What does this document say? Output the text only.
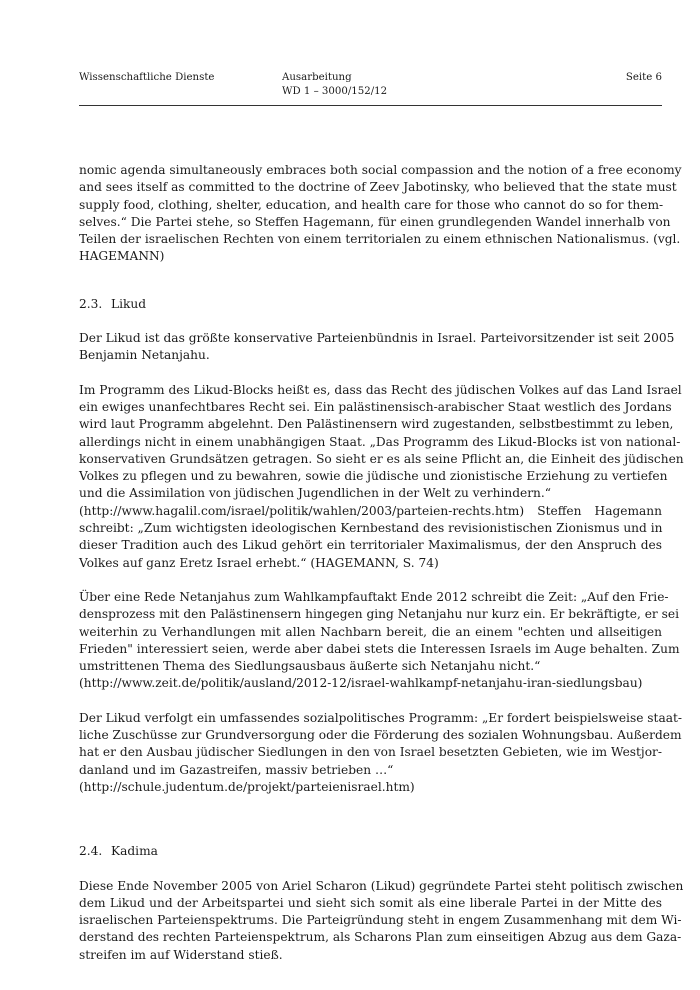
Wissenschaftliche Dienste	Ausarbeitung
WD 1 – 3000/152/12
Seite 6

nomic agenda simultaneously embraces both social compassion and the notion of a free economy
and sees itself as committed to the doctrine of Zeev Jabotinsky, who believed that the state must
supply food, clothing, shelter, education, and health care for those who cannot do so for them-
selves.“ Die Partei stehe, so Steffen Hagemann, für einen grundlegenden Wandel innerhalb von
Teilen der israelischen Rechten von einem territorialen zu einem ethnischen Nationalismus. (vgl.
HAGEMANN)

2.3. Likud

Der Likud ist das größte konservative Parteienbündnis in Israel. Parteivorsitzender ist seit 2005
Benjamin Netanjahu.

Im Programm des Likud-Blocks heißt es, dass das Recht des jüdischen Volkes auf das Land Israel
ein ewiges unanfechtbares Recht sei. Ein palästinensisch-arabischer Staat westlich des Jordans
wird laut Programm abgelehnt. Den Palästinensern wird zugestanden, selbstbestimmt zu leben,
allerdings nicht in einem unabhängigen Staat. „Das Programm des Likud-Blocks ist von national-
konservativen Grundsätzen getragen. So sieht er es als seine Pflicht an, die Einheit des jüdischen
Volkes zu pflegen und zu bewahren, sowie die jüdische und zionistische Erziehung zu vertiefen
und die Assimilation von jüdischen Jugendlichen in der Welt zu verhindern.“
(http://www.hagalil.com/israel/politik/wahlen/2003/parteien-rechts.htm) Steffen Hagemann
schreibt: „Zum wichtigsten ideologischen Kernbestand des revisionistischen Zionismus und in
dieser Tradition auch des Likud gehört ein territorialer Maximalismus, der den Anspruch des
Volkes auf ganz Eretz Israel erhebt.“ (HAGEMANN, S. 74)

Über eine Rede Netanjahus zum Wahlkampfauftakt Ende 2012 schreibt die Zeit: „Auf den Frie-
densprozess mit den Palästinensern hingegen ging Netanjahu nur kurz ein. Er bekräftigte, er sei
weiterhin zu Verhandlungen mit allen Nachbarn bereit, die an einem "echten und allseitigen
Frieden" interessiert seien, werde aber dabei stets die Interessen Israels im Auge behalten. Zum
umstrittenen Thema des Siedlungsausbaus äußerte sich Netanjahu nicht.“
(http://www.zeit.de/politik/ausland/2012-12/israel-wahlkampf-netanjahu-iran-siedlungsbau)

Der Likud verfolgt ein umfassendes sozialpolitisches Programm: „Er fordert beispielsweise staat-
liche Zuschüsse zur Grundversorgung oder die Förderung des sozialen Wohnungsbau. Außerdem
hat er den Ausbau jüdischer Siedlungen in den von Israel besetzten Gebieten, wie im Westjor-
danland und im Gazastreifen, massiv betrieben …“
(http://schule.judentum.de/projekt/parteienisrael.htm)

2.4. Kadima

Diese Ende November 2005 von Ariel Scharon (Likud) gegründete Partei steht politisch zwischen
dem Likud und der Arbeitspartei und sieht sich somit als eine liberale Partei in der Mitte des
israelischen Parteienspektrums. Die Parteigründung steht in engem Zusammenhang mit dem Wi-
derstand des rechten Parteienspektrum, als Scharons Plan zum einseitigen Abzug aus dem Gaza-
streifen im auf Widerstand stieß.
